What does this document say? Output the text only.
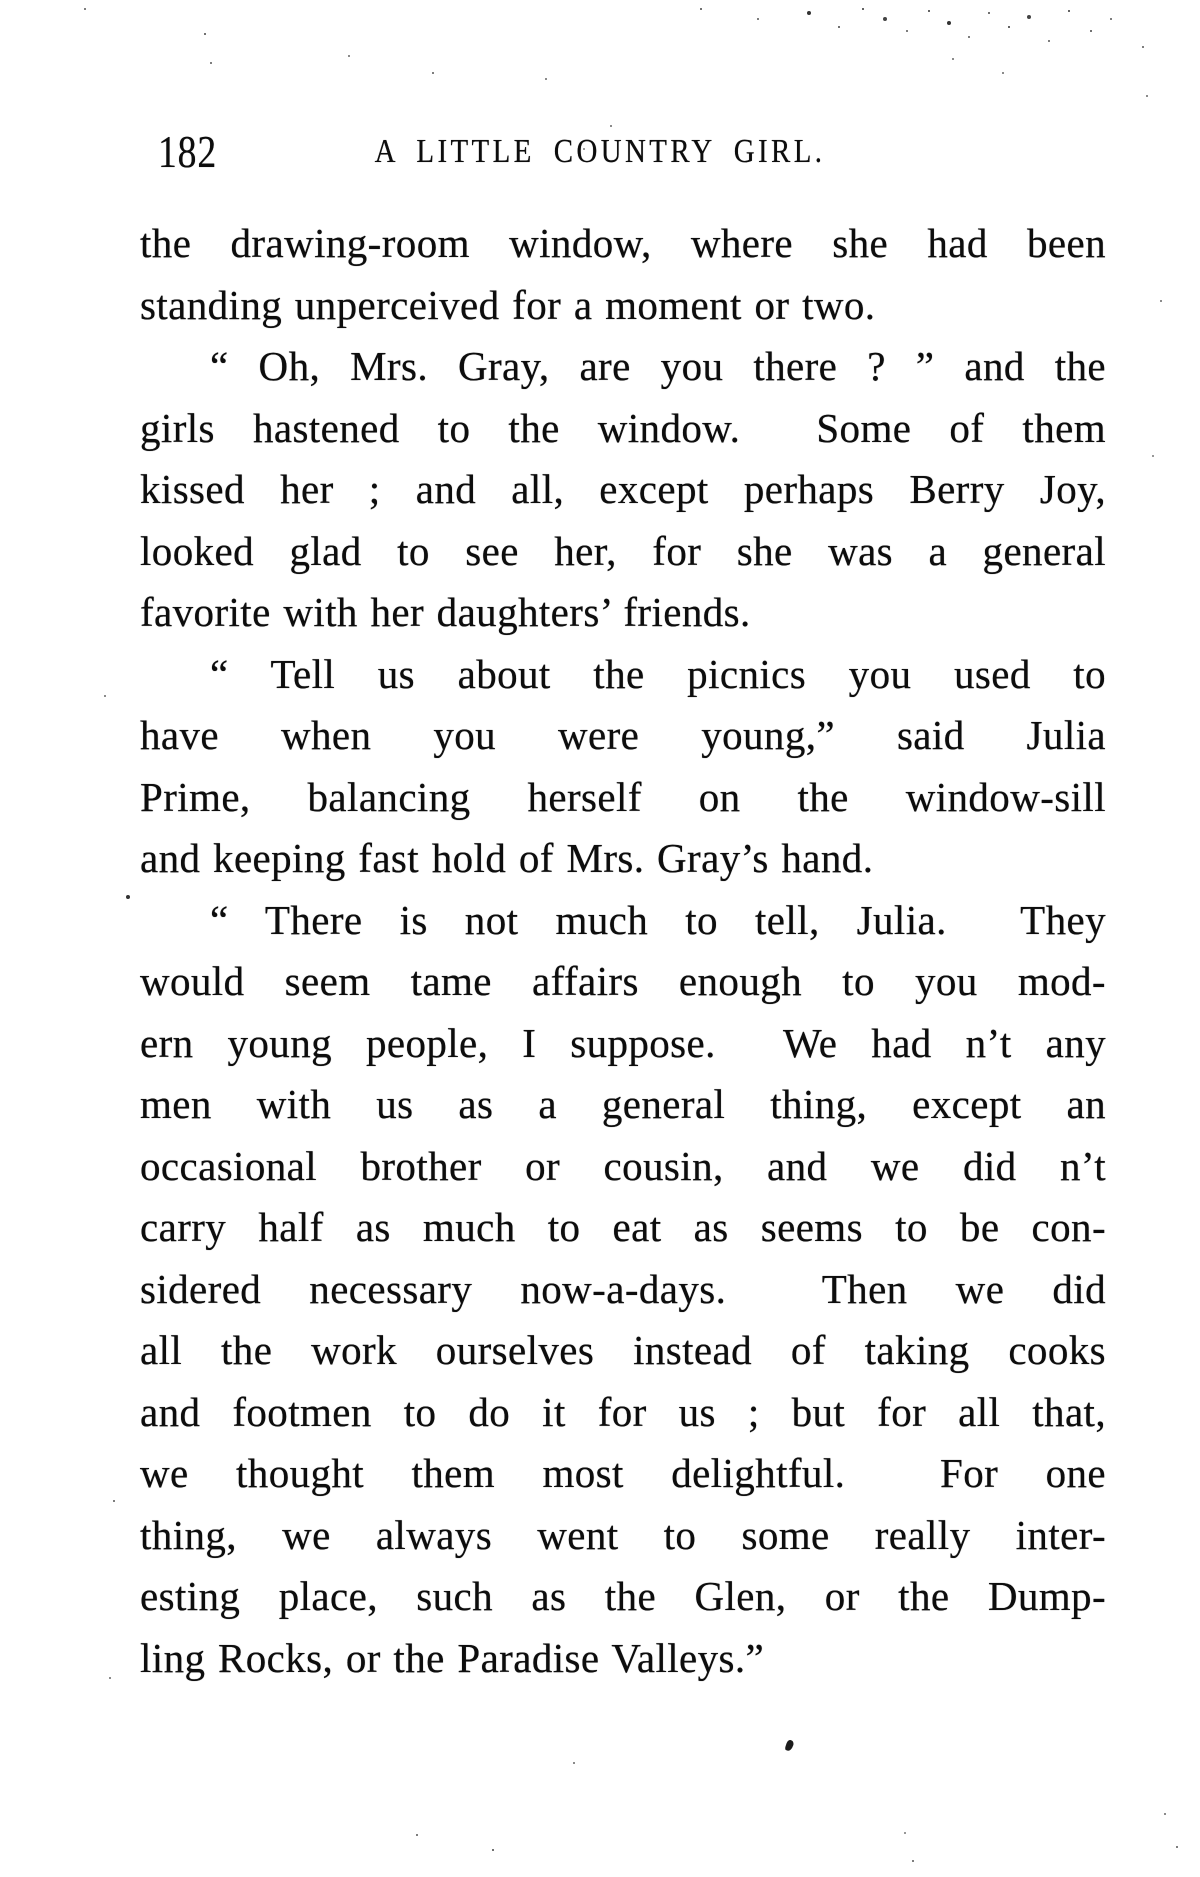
182	A LITTLE COUNTRY GIRL.
the drawing-room window, where she had been
standing unperceived for a moment or two.
“ Oh, Mrs. Gray, are you there ? ” and the
girls hastened to the window.  Some of them
kissed her ; and all, except perhaps Berry Joy,
looked glad to see her, for she was a general
favorite with her daughters’ friends.
“ Tell us about the picnics you used to
have when you were young,” said Julia
Prime, balancing herself on the window-sill
and keeping fast hold of Mrs. Gray’s hand.
“ There is not much to tell, Julia.  They
would seem tame affairs enough to you mod-
ern young people, I suppose.  We had n’t any
men with us as a general thing, except an
occasional brother or cousin, and we did n’t
carry half as much to eat as seems to be con-
sidered necessary now-a-days.  Then we did
all the work ourselves instead of taking cooks
and footmen to do it for us ; but for all that,
we thought them most delightful.  For one
thing, we always went to some really inter-
esting place, such as the Glen, or the Dump-
ling Rocks, or the Paradise Valleys.”
